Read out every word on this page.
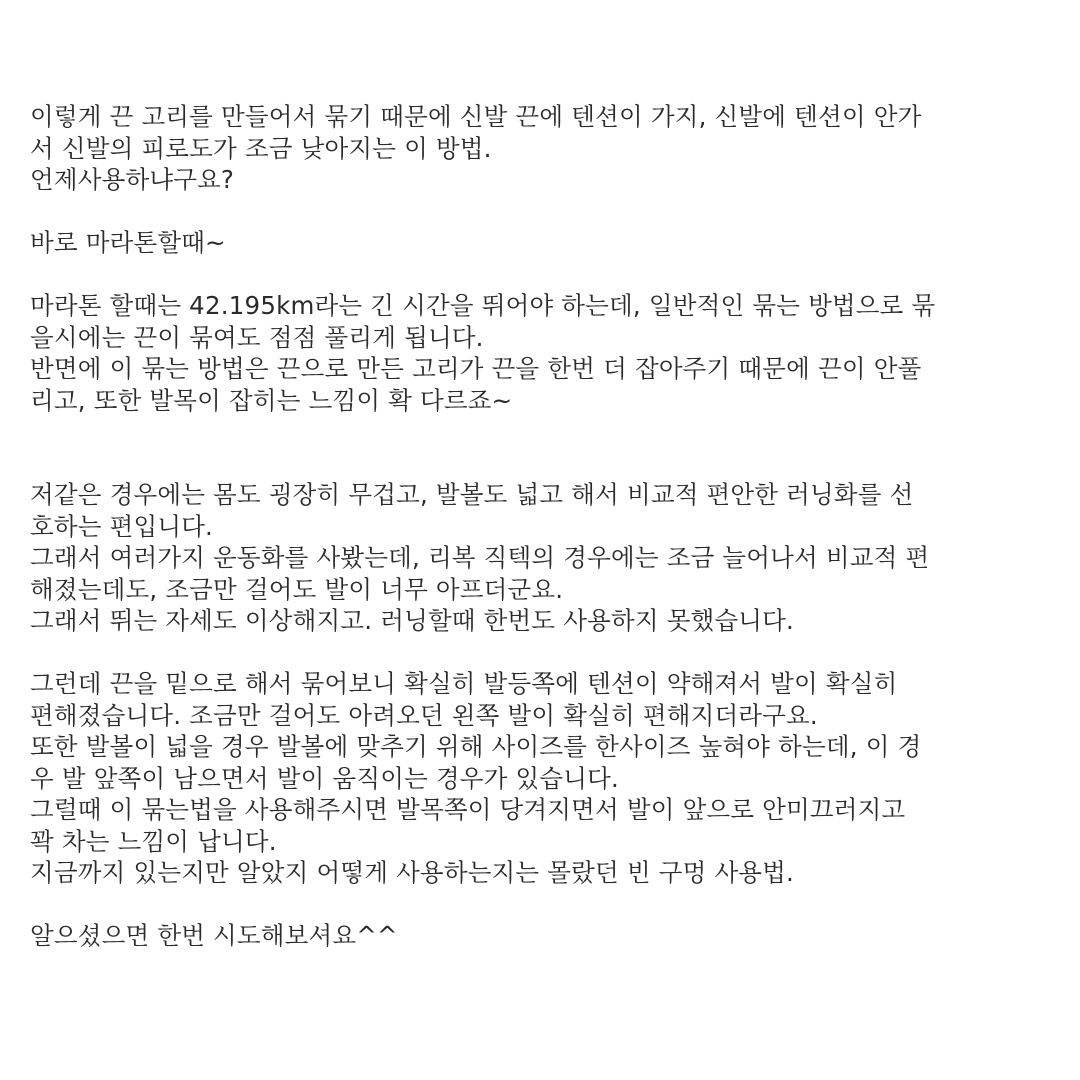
이렇게 끈 고리를 만들어서 묶기 때문에 신발 끈에 텐션이 가지, 신발에 텐션이 안가
서 신발의 피로도가 조금 낮아지는 이 방법.
언제사용하냐구요?
바로 마라톤할때~
마라톤 할때는 42.195km라는 긴 시간을 뛰어야 하는데, 일반적인 묶는 방법으로 묶
을시에는 끈이 묶여도 점점 풀리게 됩니다.
반면에 이 묶는 방법은 끈으로 만든 고리가 끈을 한번 더 잡아주기 때문에 끈이 안풀
리고, 또한 발목이 잡히는 느낌이 확 다르죠~
저같은 경우에는 몸도 굉장히 무겁고, 발볼도 넓고 해서 비교적 편안한 러닝화를 선
호하는 편입니다.
그래서 여러가지 운동화를 사봤는데, 리복 직텍의 경우에는 조금 늘어나서 비교적 편
해졌는데도, 조금만 걸어도 발이 너무 아프더군요.
그래서 뛰는 자세도 이상해지고. 러닝할때 한번도 사용하지 못했습니다.
그런데 끈을 밑으로 해서 묶어보니 확실히 발등쪽에 텐션이 약해져서 발이 확실히
편해졌습니다. 조금만 걸어도 아려오던 왼쪽 발이 확실히 편해지더라구요.
또한 발볼이 넓을 경우 발볼에 맞추기 위해 사이즈를 한사이즈 높혀야 하는데, 이 경
우 발 앞쪽이 남으면서 발이 움직이는 경우가 있습니다.
그럴때 이 묶는법을 사용해주시면 발목쪽이 당겨지면서 발이 앞으로 안미끄러지고
꽉 차는 느낌이 납니다.
지금까지 있는지만 알았지 어떻게 사용하는지는 몰랐던 빈 구멍 사용법.
알으셨으면 한번 시도해보셔요^^
